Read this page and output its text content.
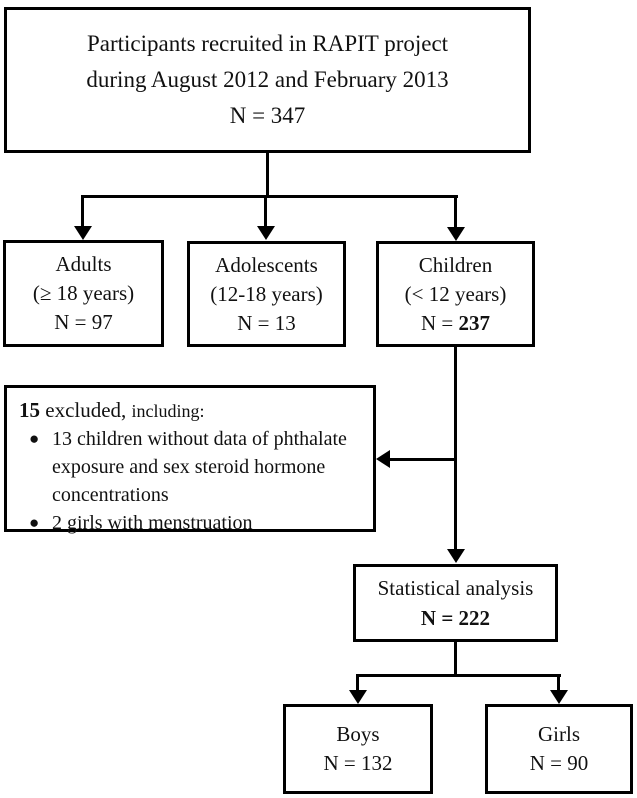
Participants recruited in RAPIT project
during August 2012 and February 2013
N = 347
Adults
(≥ 18 years)
N = 97
Adolescents
(12-18 years)
N = 13
Children
(< 12 years)
N = 237
15 excluded, including:
● 13 children without data of phthalate exposure and sex steroid hormone concentrations
● 2 girls with menstruation
Statistical analysis
N = 222
Boys
N = 132
Girls
N = 90
